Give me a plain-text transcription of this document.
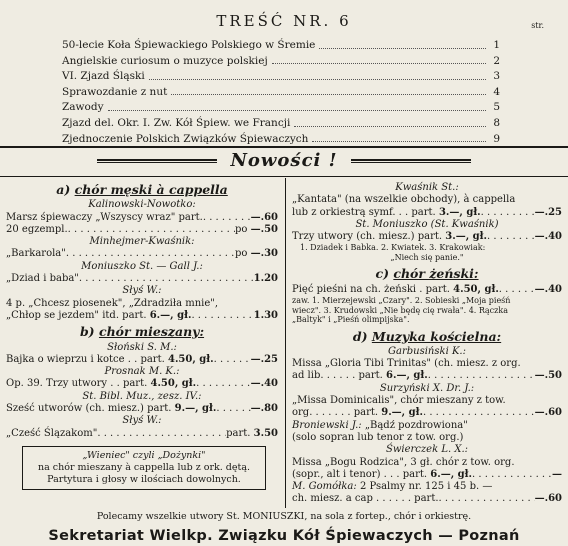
TREŚĆ NR. 6	str.
50-lecie Koła Śpiewackiego Polskiego w Śremie	1
Angielskie curiosum o muzyce polskiej	2
VI. Zjazd Śląski	3
Sprawozdanie z nut	4
Zawody	5
Zjazd del. Okr. I. Zw. Kół Śpiew. we Francji	8
Zjednoczenie Polskich Związków Śpiewaczych	9
Nowości !
a) chór męski à cappella
Kalinowski-Nowotko:
Marsz śpiewaczy „Wszyscy wraz" part. . . .	—.60
20 egzempl. . . .	po
—.50
Minhejmer-Kwaśnik:
„Barkarola" . . .	po
—.30
Moniuszko St. — Gall J.:
„Dziad i baba" . . .	1.20
Słyś W.:
4 p. „Chcesz piosenek", „Zdradziła mnie",
„Chłop se jezdem" itd. part.
6.—, gł. . . .	1.30
b) chór mieszany:
Słoński S. M.:
Bajka o wieprzu i kotce . . part.
4.50, gł. . . .	—.25
Prosnak M. K.:
Op. 39. Trzy utwory . . part.
4.50, gł. . . .	—.40
St. Bibl. Muz., zesz. IV.:
Sześć utworów (ch. miesz.) part.
9.—, gł. . . .	—.80
Słyś W.:
„Cześć Ślązakom" . . .	part.
3.50
„Wieniec" czyli „Dożynki"
na chór mieszany à cappella lub z ork. dętą.
Partytura i głosy w ilościach dowolnych.
Kwaśnik St.:
„Kantata" (na wszelkie obchody), à cappella
lub z orkiestrą symf. . . part.
3.—, gł. . . .	—.25
St. Moniuszko (St. Kwaśnik)
Trzy utwory (ch. miesz.) part.
3.—, gł. . . .	—.40
1. Dziadek i Babka. 2. Kwiatek. 3. Krakowiak:
„Niech się panie."
c) chór żeński:
Pięć pieśni na ch. żeński . part.
4.50, gł. . . .	—.40
zaw. 1. Mierzejewski „Czary". 2. Sobieski „Moja pieśń
wiecz". 3. Krudowski „Nie będę cię rwała". 4. Rączka
„Baltyk" i „Pieśń olimpijska".
d) Muzyka kościelna:
Garbusiński K.:
Missa „Gloria Tibi Trinitas" (ch. miesz. z org.
ad lib. . . . . . part.
6.—, gł. . . .	—.50
Surzyński X. Dr. J.:
„Missa Dominicalis", chór mieszany z tow.
org. . . . . . . part.
9.—, gł. . . .	—.60
Broniewski J.:
„Bądź pozdrowiona"
(solo sopran lub tenor z tow. org.)
Świerczek L. X.:
Missa „Bogu Rodzica", 3 gł. chór z tow. org.
(sopr., alt i tenor) . . . part.
6.—, gł. . . .	—
M. Gomółka:
2 Psalmy nr. 125 i 45 b. —
ch. miesz. a cap . . . . . . part. . . .	—.60
Polecamy wszelkie utwory St. MONIUSZKI, na sola z fortep., chór i orkiestrę.
Sekretariat Wielkp. Związku Kół Śpiewaczych — Poznań
